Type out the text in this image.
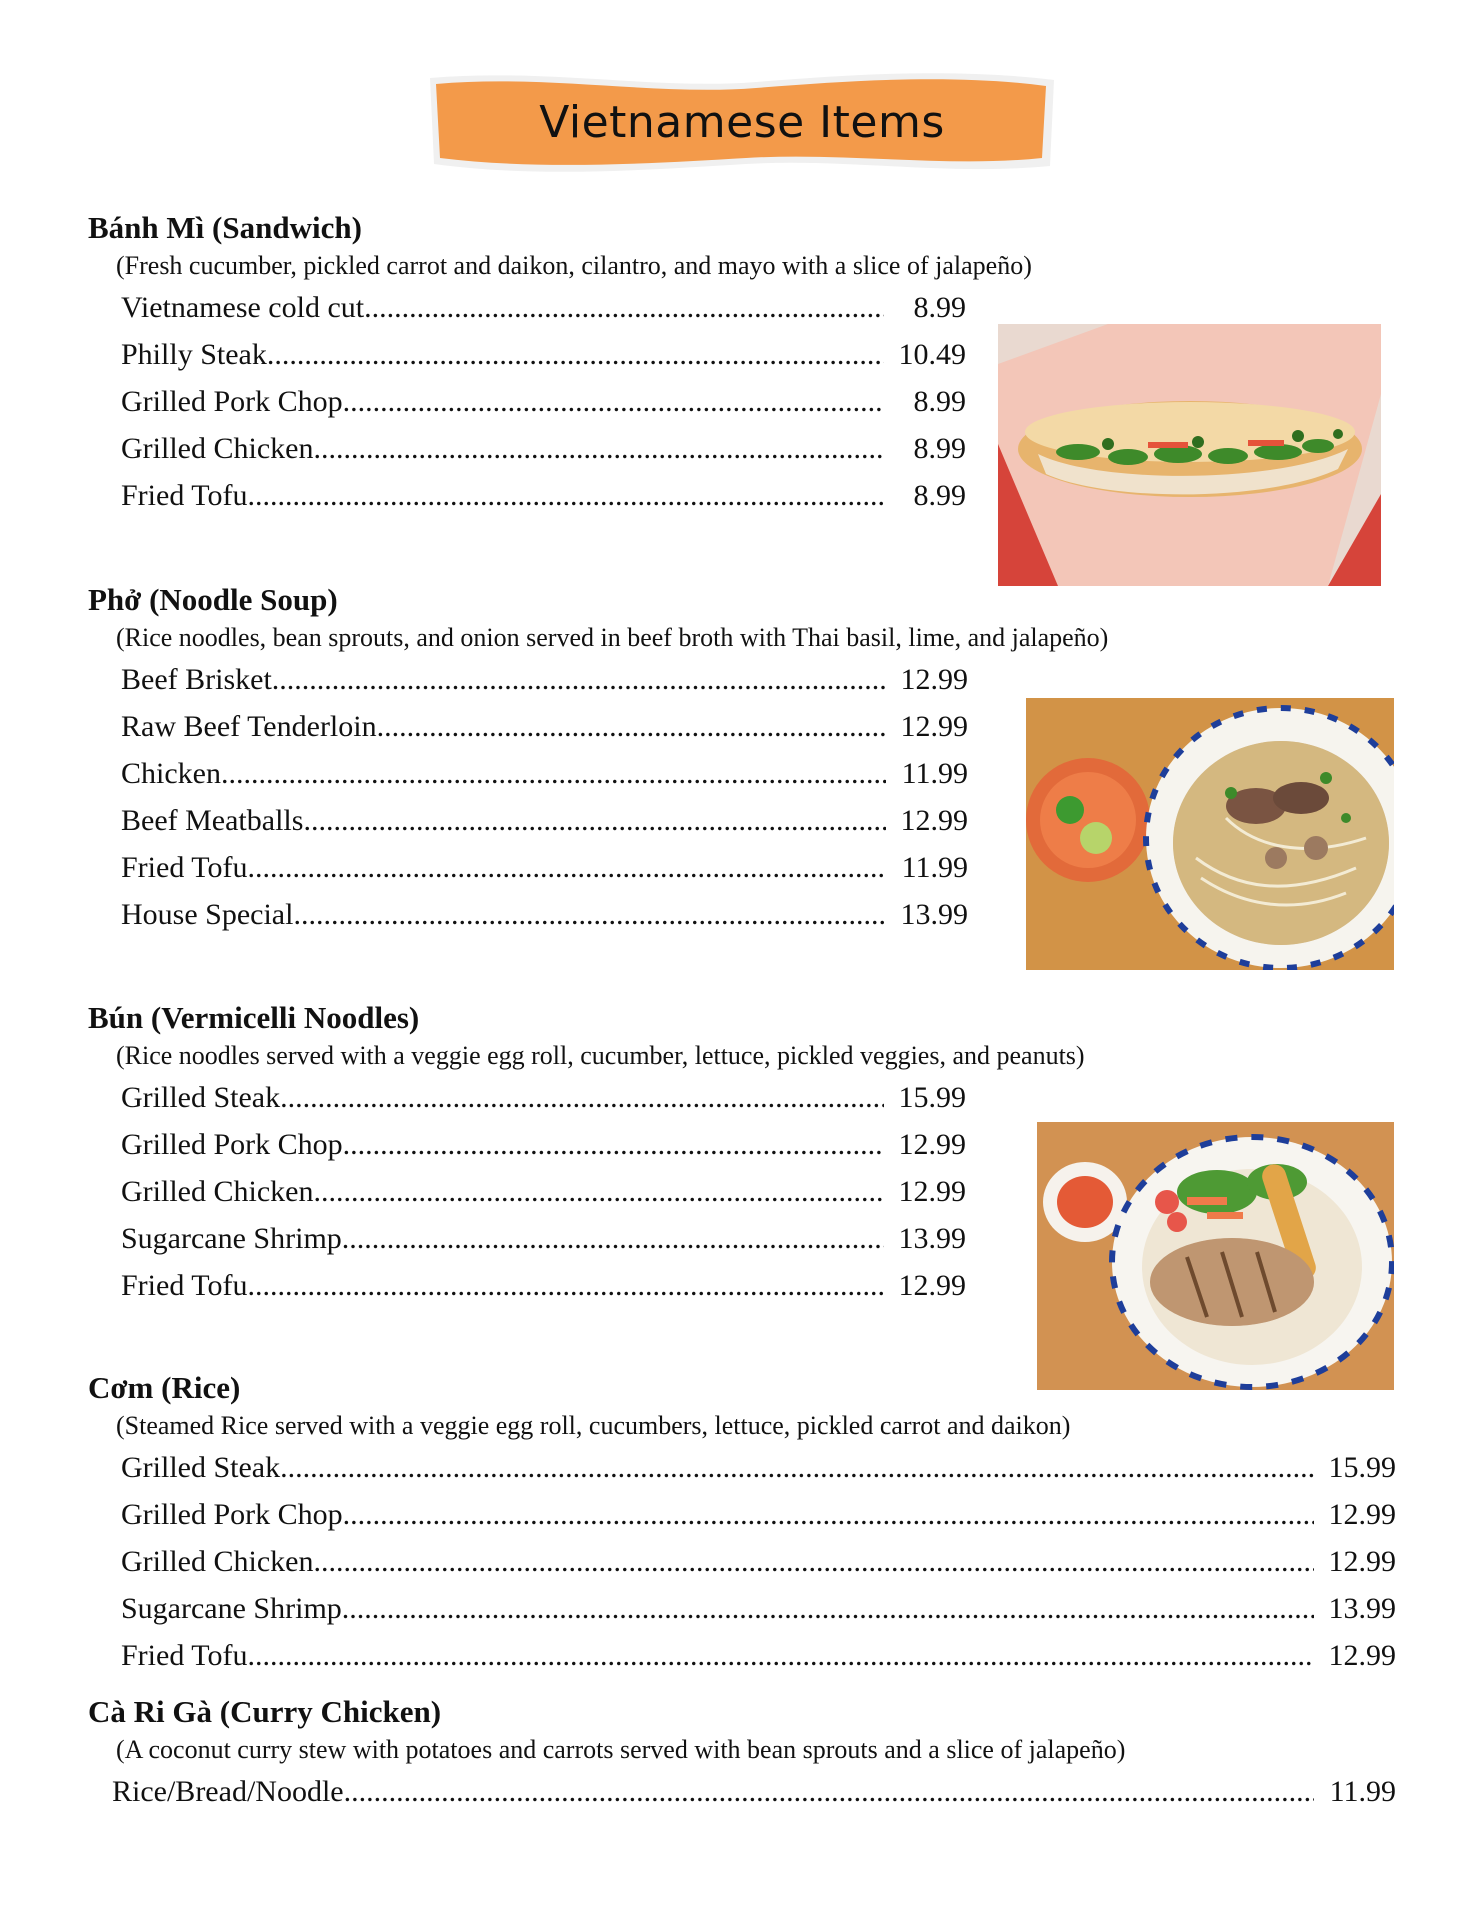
Vietnamese Items
Bánh Mì (Sandwich)
(Fresh cucumber, pickled carrot and daikon, cilantro, and mayo with a slice of jalapeño)
Vietnamese cold cut .....	8.99
Philly Steak .....	10.49
Grilled Pork Chop .....	8.99
Grilled Chicken .....	8.99
Fried Tofu .....	8.99
Phở (Noodle Soup)
(Rice noodles, bean sprouts, and onion served in beef broth with Thai basil, lime, and jalapeño)
Beef Brisket .....	12.99
Raw Beef Tenderloin .....	12.99
Chicken .....	11.99
Beef Meatballs .....	12.99
Fried Tofu .....	11.99
House Special .....	13.99
Bún (Vermicelli Noodles)
(Rice noodles served with a veggie egg roll, cucumber, lettuce, pickled veggies, and peanuts)
Grilled Steak .....	15.99
Grilled Pork Chop .....	12.99
Grilled Chicken .....	12.99
Sugarcane Shrimp .....	13.99
Fried Tofu .....	12.99
Cơm (Rice)
(Steamed Rice served with a veggie egg roll, cucumbers, lettuce, pickled carrot and daikon)
Grilled Steak .....	15.99
Grilled Pork Chop .....	12.99
Grilled Chicken .....	12.99
Sugarcane Shrimp .....	13.99
Fried Tofu .....	12.99
Cà Ri Gà (Curry Chicken)
(A coconut curry stew with potatoes and carrots served with bean sprouts and a slice of jalapeño)
Rice/Bread/Noodle .....	11.99
